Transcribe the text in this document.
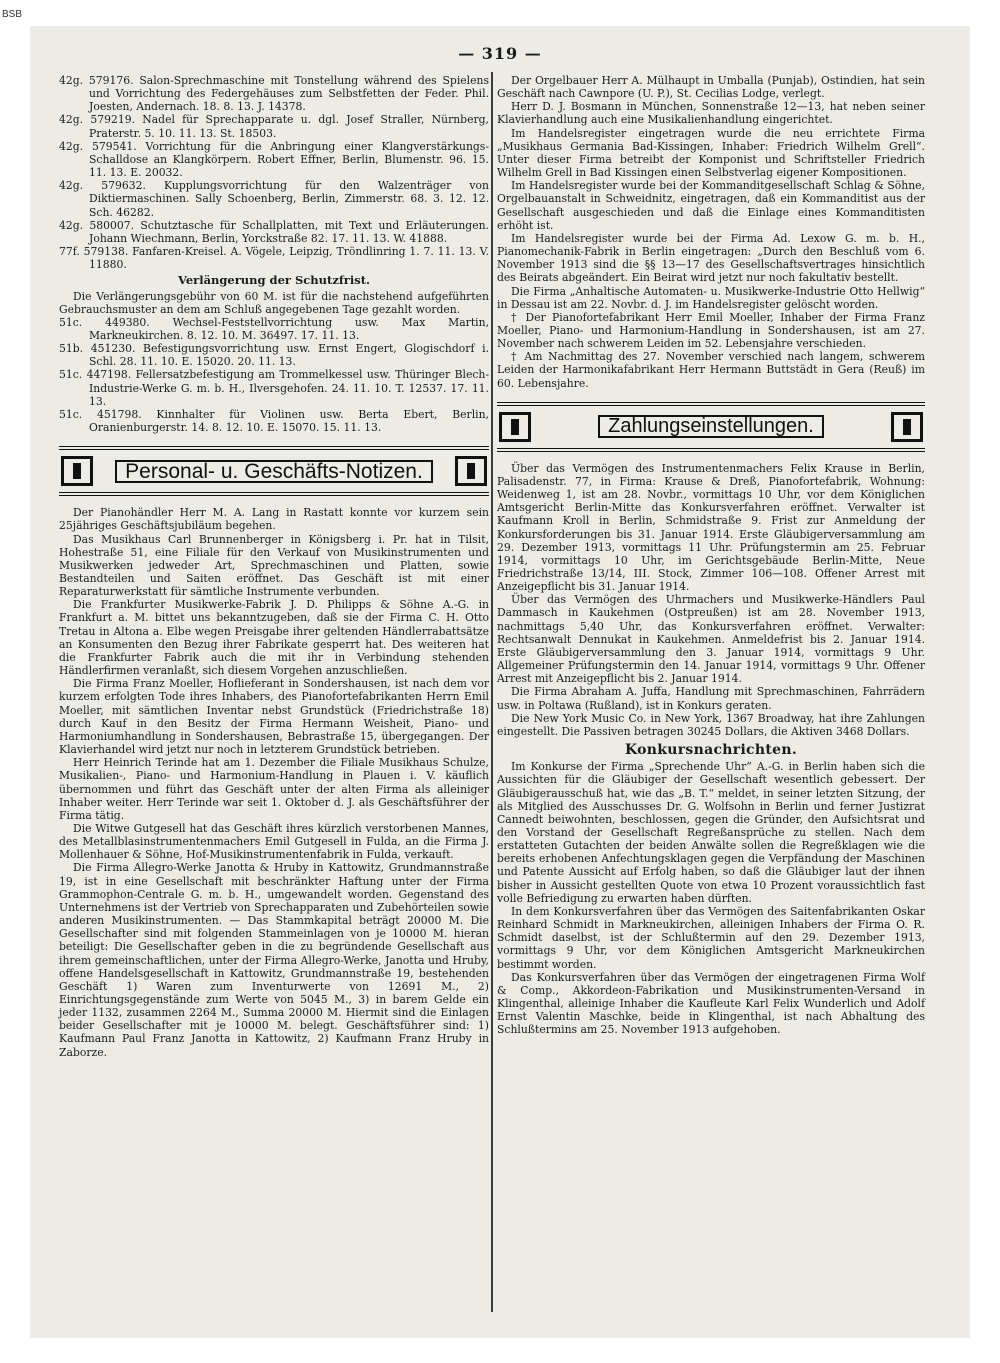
BSB
— 319 —

42g. 579176. Salon-Sprechmaschine mit Tonstellung während des Spielens und Vorrichtung des Federgehäuses zum Selbstfetten der Feder. Phil. Joesten, Andernach. 18. 8. 13. J. 14378.

42g. 579219. Nadel für Sprechapparate u. dgl. Josef Straller, Nürnberg, Praterstr. 5. 10. 11. 13. St. 18503.

42g. 579541. Vorrichtung für die Anbringung einer Klangverstärkungs-Schalldose an Klangkörpern. Robert Effner, Berlin, Blumenstr. 96. 15. 11. 13. E. 20032.

42g. 579632. Kupplungsvorrichtung für den Walzenträger von Diktiermaschinen. Sally Schoenberg, Berlin, Zimmerstr. 68. 3. 12. 12. Sch. 46282.

42g. 580007. Schutztasche für Schallplatten, mit Text und Erläuterungen. Johann Wiechmann, Berlin, Yorckstraße 82. 17. 11. 13. W. 41888.

77f. 579138. Fanfaren-Kreisel. A. Vögele, Leipzig, Tröndlinring 1. 7. 11. 13. V. 11880.

Verlängerung der Schutzfrist.

Die Verlängerungsgebühr von 60 M. ist für die nachstehend aufgeführten Gebrauchsmuster an dem am Schluß angegebenen Tage gezahlt worden.

51c. 449380. Wechsel-Feststellvorrichtung usw. Max Martin, Markneukirchen. 8. 12. 10. M. 36497. 17. 11. 13.

51b. 451230. Befestigungsvorrichtung usw. Ernst Engert, Glogischdorf i. Schl. 28. 11. 10. E. 15020. 20. 11. 13.

51c. 447198. Fellersatzbefestigung am Trommelkessel usw. Thüringer Blech-Industrie-Werke G. m. b. H., Ilversgehofen. 24. 11. 10. T. 12537. 17. 11. 13.

51c. 451798. Kinnhalter für Violinen usw. Berta Ebert, Berlin, Oranienburgerstr. 14. 8. 12. 10. E. 15070. 15. 11. 13.

Personal- u. Geschäfts-Notizen.

Der Pianohändler Herr M. A. Lang in Rastatt konnte vor kurzem sein 25jähriges Geschäftsjubiläum begehen.

Das Musikhaus Carl Brunnenberger in Königsberg i. Pr. hat in Tilsit, Hohestraße 51, eine Filiale für den Verkauf von Musikinstrumenten und Musikwerken jedweder Art, Sprechmaschinen und Platten, sowie Bestandteilen und Saiten eröffnet. Das Geschäft ist mit einer Reparaturwerkstatt für sämtliche Instrumente verbunden.

Die Frankfurter Musikwerke-Fabrik J. D. Philipps & Söhne A.-G. in Frankfurt a. M. bittet uns bekanntzugeben, daß sie der Firma C. H. Otto Tretau in Altona a. Elbe wegen Preisgabe ihrer geltenden Händlerrabattsätze an Konsumenten den Bezug ihrer Fabrikate gesperrt hat. Des weiteren hat die Frankfurter Fabrik auch die mit ihr in Verbindung stehenden Händlerfirmen veranlaßt, sich diesem Vorgehen anzuschließen.

Die Firma Franz Moeller, Hoflieferant in Sondershausen, ist nach dem vor kurzem erfolgten Tode ihres Inhabers, des Pianofortefabrikanten Herrn Emil Moeller, mit sämtlichen Inventar nebst Grundstück (Friedrichstraße 18) durch Kauf in den Besitz der Firma Hermann Weisheit, Piano- und Harmoniumhandlung in Sondershausen, Bebrastraße 15, übergegangen. Der Klavierhandel wird jetzt nur noch in letzterem Grundstück betrieben.

Herr Heinrich Terinde hat am 1. Dezember die Filiale Musikhaus Schulze, Musikalien-, Piano- und Harmonium-Handlung in Plauen i. V. käuflich übernommen und führt das Geschäft unter der alten Firma als alleiniger Inhaber weiter. Herr Terinde war seit 1. Oktober d. J. als Geschäftsführer der Firma tätig.

Die Witwe Gutgesell hat das Geschäft ihres kürzlich verstorbenen Mannes, des Metallblasinstrumentenmachers Emil Gutgesell in Fulda, an die Firma J. Mollenhauer & Söhne, Hof-Musikinstrumentenfabrik in Fulda, verkauft.

Die Firma Allegro-Werke Janotta & Hruby in Kattowitz, Grundmannstraße 19, ist in eine Gesellschaft mit beschränkter Haftung unter der Firma Grammophon-Centrale G. m. b. H., umgewandelt worden. Gegenstand des Unternehmens ist der Vertrieb von Sprechapparaten und Zubehörteilen sowie anderen Musikinstrumenten. — Das Stammkapital beträgt 20000 M. Die Gesellschafter sind mit folgenden Stammeinlagen von je 10000 M. hieran beteiligt: Die Gesellschafter geben in die zu begründende Gesellschaft aus ihrem gemeinschaftlichen, unter der Firma Allegro-Werke, Janotta und Hruby, offene Handelsgesellschaft in Kattowitz, Grundmannstraße 19, bestehenden Geschäft 1) Waren zum Inventurwerte von 12691 M., 2) Einrichtungsgegenstände zum Werte von 5045 M., 3) in barem Gelde ein jeder 1132, zusammen 2264 M., Summa 20000 M. Hiermit sind die Einlagen beider Gesellschafter mit je 10000 M. belegt. Geschäftsführer sind: 1) Kaufmann Paul Franz Janotta in Kattowitz, 2) Kaufmann Franz Hruby in Zaborze.

Der Orgelbauer Herr A. Mülhaupt in Umballa (Punjab), Ostindien, hat sein Geschäft nach Cawnpore (U. P.), St. Cecilias Lodge, verlegt.

Herr D. J. Bosmann in München, Sonnenstraße 12—13, hat neben seiner Klavierhandlung auch eine Musikalienhandlung eingerichtet.

Im Handelsregister eingetragen wurde die neu errichtete Firma „Musikhaus Germania Bad-Kissingen, Inhaber: Friedrich Wilhelm Grell“. Unter dieser Firma betreibt der Komponist und Schriftsteller Friedrich Wilhelm Grell in Bad Kissingen einen Selbstverlag eigener Kompositionen.

Im Handelsregister wurde bei der Kommanditgesellschaft Schlag & Söhne, Orgelbauanstalt in Schweidnitz, eingetragen, daß ein Kommanditist aus der Gesellschaft ausgeschieden und daß die Einlage eines Kommanditisten erhöht ist.

Im Handelsregister wurde bei der Firma Ad. Lexow G. m. b. H., Pianomechanik-Fabrik in Berlin eingetragen: „Durch den Beschluß vom 6. November 1913 sind die §§ 13—17 des Gesellschaftsvertrages hinsichtlich des Beirats abgeändert. Ein Beirat wird jetzt nur noch fakultativ bestellt.

Die Firma „Anhaltische Automaten- u. Musikwerke-Industrie Otto Hellwig“ in Dessau ist am 22. Novbr. d. J. im Handelsregister gelöscht worden.

† Der Pianofortefabrikant Herr Emil Moeller, Inhaber der Firma Franz Moeller, Piano- und Harmonium-Handlung in Sondershausen, ist am 27. November nach schwerem Leiden im 52. Lebensjahre verschieden.

† Am Nachmittag des 27. November verschied nach langem, schwerem Leiden der Harmonikafabrikant Herr Hermann Buttstädt in Gera (Reuß) im 60. Lebensjahre.

Zahlungseinstellungen.

Über das Vermögen des Instrumentenmachers Felix Krause in Berlin, Palisadenstr. 77, in Firma: Krause & Dreß, Pianofortefabrik, Wohnung: Weidenweg 1, ist am 28. Novbr., vormittags 10 Uhr, vor dem Königlichen Amtsgericht Berlin-Mitte das Konkursverfahren eröffnet. Verwalter ist Kaufmann Kroll in Berlin, Schmidstraße 9. Frist zur Anmeldung der Konkursforderungen bis 31. Januar 1914. Erste Gläubigerversammlung am 29. Dezember 1913, vormittags 11 Uhr. Prüfungstermin am 25. Februar 1914, vormittags 10 Uhr, im Gerichtsgebäude Berlin-Mitte, Neue Friedrichstraße 13/14, III. Stock, Zimmer 106—108. Offener Arrest mit Anzeigepflicht bis 31. Januar 1914.

Über das Vermögen des Uhrmachers und Musikwerke-Händlers Paul Dammasch in Kaukehmen (Ostpreußen) ist am 28. November 1913, nachmittags 5,40 Uhr, das Konkursverfahren eröffnet. Verwalter: Rechtsanwalt Dennukat in Kaukehmen. Anmeldefrist bis 2. Januar 1914. Erste Gläubigerversammlung den 3. Januar 1914, vormittags 9 Uhr. Allgemeiner Prüfungstermin den 14. Januar 1914, vormittags 9 Uhr. Offener Arrest mit Anzeigepflicht bis 2. Januar 1914.

Die Firma Abraham A. Juffa, Handlung mit Sprechmaschinen, Fahrrädern usw. in Poltawa (Rußland), ist in Konkurs geraten.

Die New York Music Co. in New York, 1367 Broadway, hat ihre Zahlungen eingestellt. Die Passiven betragen 30245 Dollars, die Aktiven 3468 Dollars.

Konkursnachrichten.

Im Konkurse der Firma „Sprechende Uhr“ A.-G. in Berlin haben sich die Aussichten für die Gläubiger der Gesellschaft wesentlich gebessert. Der Gläubigerausschuß hat, wie das „B. T.“ meldet, in seiner letzten Sitzung, der als Mitglied des Ausschusses Dr. G. Wolfsohn in Berlin und ferner Justizrat Cannedt beiwohnten, beschlossen, gegen die Gründer, den Aufsichtsrat und den Vorstand der Gesellschaft Regreßansprüche zu stellen. Nach dem erstatteten Gutachten der beiden Anwälte sollen die Regreßklagen wie die bereits erhobenen Anfechtungsklagen gegen die Verpfändung der Maschinen und Patente Aussicht auf Erfolg haben, so daß die Gläubiger laut der ihnen bisher in Aussicht gestellten Quote von etwa 10 Prozent voraussichtlich fast volle Befriedigung zu erwarten haben dürften.

In dem Konkursverfahren über das Vermögen des Saitenfabrikanten Oskar Reinhard Schmidt in Markneukirchen, alleinigen Inhabers der Firma O. R. Schmidt daselbst, ist der Schlußtermin auf den 29. Dezember 1913, vormittags 9 Uhr, vor dem Königlichen Amtsgericht Markneukirchen bestimmt worden.

Das Konkursverfahren über das Vermögen der eingetragenen Firma Wolf & Comp., Akkordeon-Fabrikation und Musikinstrumenten-Versand in Klingenthal, alleinige Inhaber die Kaufleute Karl Felix Wunderlich und Adolf Ernst Valentin Maschke, beide in Klingenthal, ist nach Abhaltung des Schlußtermins am 25. November 1913 aufgehoben.
